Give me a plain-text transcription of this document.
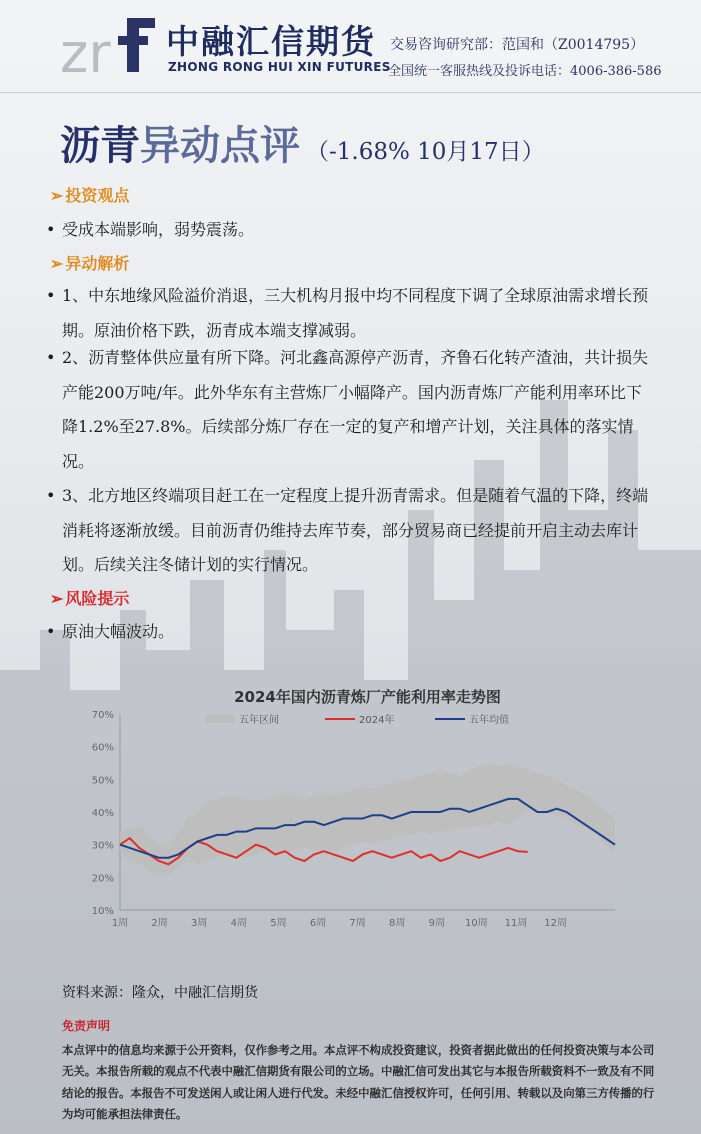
zr 中融汇信期货
ZHONG RONG HUI XIN FUTURES
交易咨询研究部：范国和（Z0014795）
全国统一客服热线及投诉电话：4006-386-586
沥青异动点评 （-1.68% 10月17日）
➢ 投资观点
• 受成本端影响，弱势震荡。
➢ 异动解析
• 1、中东地缘风险溢价消退，三大机构月报中均不同程度下调了全球原油需求增长预期。原油价格下跌，沥青成本端支撑减弱。
• 2、沥青整体供应量有所下降。河北鑫高源停产沥青，齐鲁石化转产渣油，共计损失产能200万吨/年。此外华东有主营炼厂小幅降产。国内沥青炼厂产能利用率环比下降1.2%至27.8%。后续部分炼厂存在一定的复产和增产计划，关注具体的落实情况。
• 3、北方地区终端项目赶工在一定程度上提升沥青需求。但是随着气温的下降，终端消耗将逐渐放缓。目前沥青仍维持去库节奏，部分贸易商已经提前开启主动去库计划。后续关注冬储计划的实行情况。
➢ 风险提示
• 原油大幅波动。
2024年国内沥青炼厂产能利用率走势图
10%
20%
30%
40%
50%
60%
70%
1周 2周 3周 4周 5周 6周 7周 8周 9周 10周 11周 12周
五年区间	2024年	五年均值
资料来源：隆众，中融汇信期货
免责声明
本点评中的信息均来源于公开资料，仅作参考之用。本点评不构成投资建议，投资者据此做出的任何投资决策与本公司无关。本报告所载的观点不代表中融汇信期货有限公司的立场。中融汇信可发出其它与本报告所载资料不一致及有不同结论的报告。本报告不可发送闲人或让闲人进行代发。未经中融汇信授权许可，任何引用、转载以及向第三方传播的行为均可能承担法律责任。
